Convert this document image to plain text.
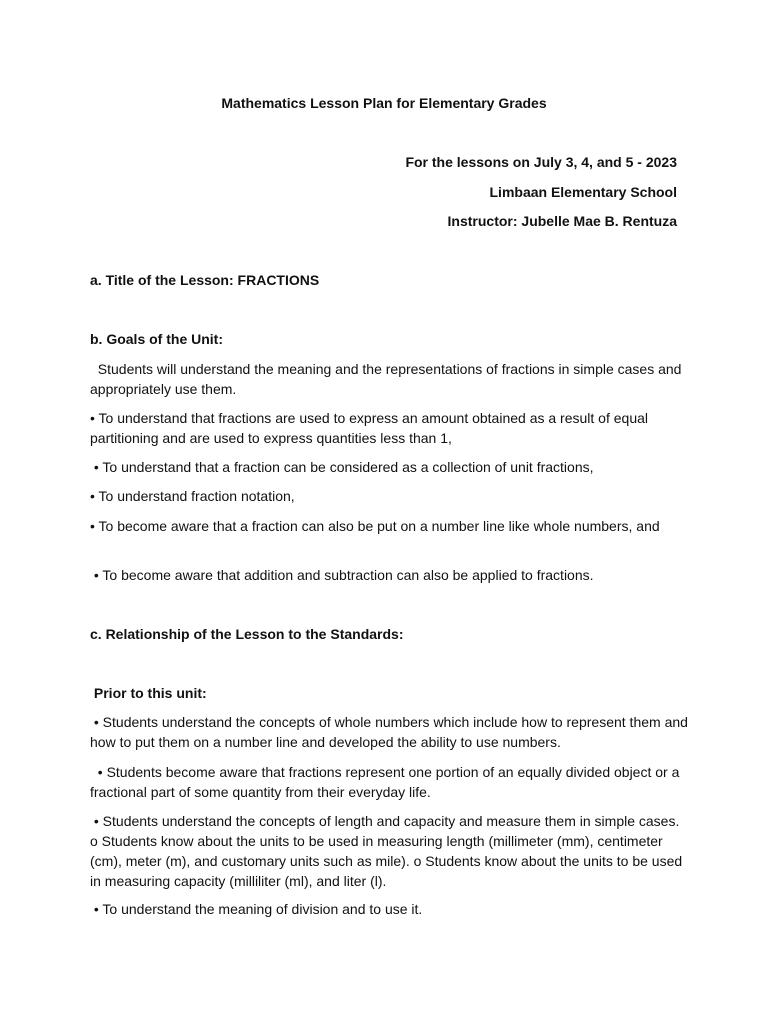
Mathematics Lesson Plan for Elementary Grades
For the lessons on July 3, 4, and 5 - 2023
Limbaan Elementary School
Instructor: Jubelle Mae B. Rentuza
a. Title of the Lesson: FRACTIONS
b. Goals of the Unit:
Students will understand the meaning and the representations of fractions in simple cases and appropriately use them.
• To understand that fractions are used to express an amount obtained as a result of equal partitioning and are used to express quantities less than 1,
• To understand that a fraction can be considered as a collection of unit fractions,
• To understand fraction notation,
• To become aware that a fraction can also be put on a number line like whole numbers, and
• To become aware that addition and subtraction can also be applied to fractions.
c. Relationship of the Lesson to the Standards:
Prior to this unit:
• Students understand the concepts of whole numbers which include how to represent them and how to put them on a number line and developed the ability to use numbers.
• Students become aware that fractions represent one portion of an equally divided object or a fractional part of some quantity from their everyday life.
• Students understand the concepts of length and capacity and measure them in simple cases. o Students know about the units to be used in measuring length (millimeter (mm), centimeter (cm), meter (m), and customary units such as mile). o Students know about the units to be used in measuring capacity (milliliter (ml), and liter (l).
• To understand the meaning of division and to use it.
